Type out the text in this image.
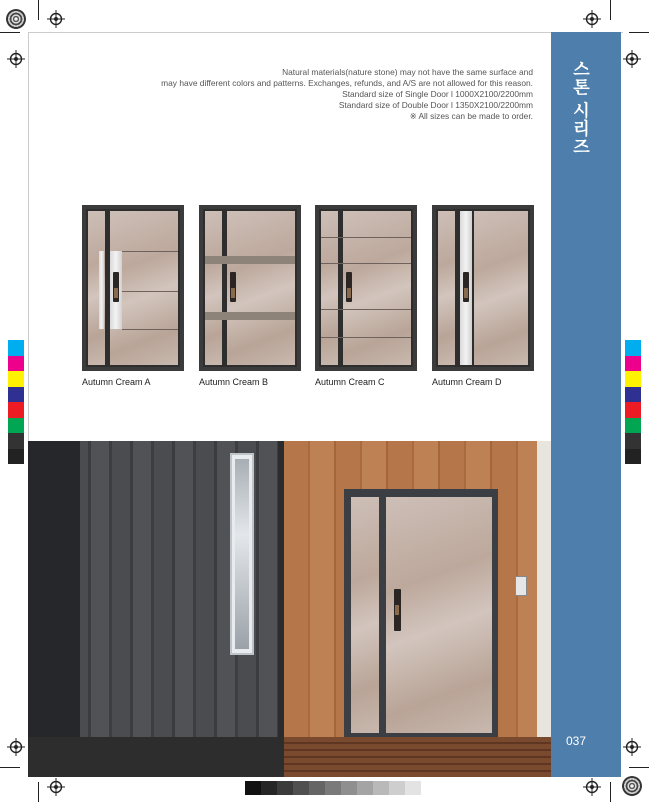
스톤 시리즈
037
Natural materials(nature stone) may not have the same surface and
may have different colors and patterns. Exchanges, refunds, and A/S are not allowed for this reason.
Standard size of Single Door l 1000X2100/2200mm
Standard size of Double Door l 1350X2100/2200mm
※ All sizes can be made to order.
Autumn Cream A	Autumn Cream B	Autumn Cream C	Autumn Cream D
